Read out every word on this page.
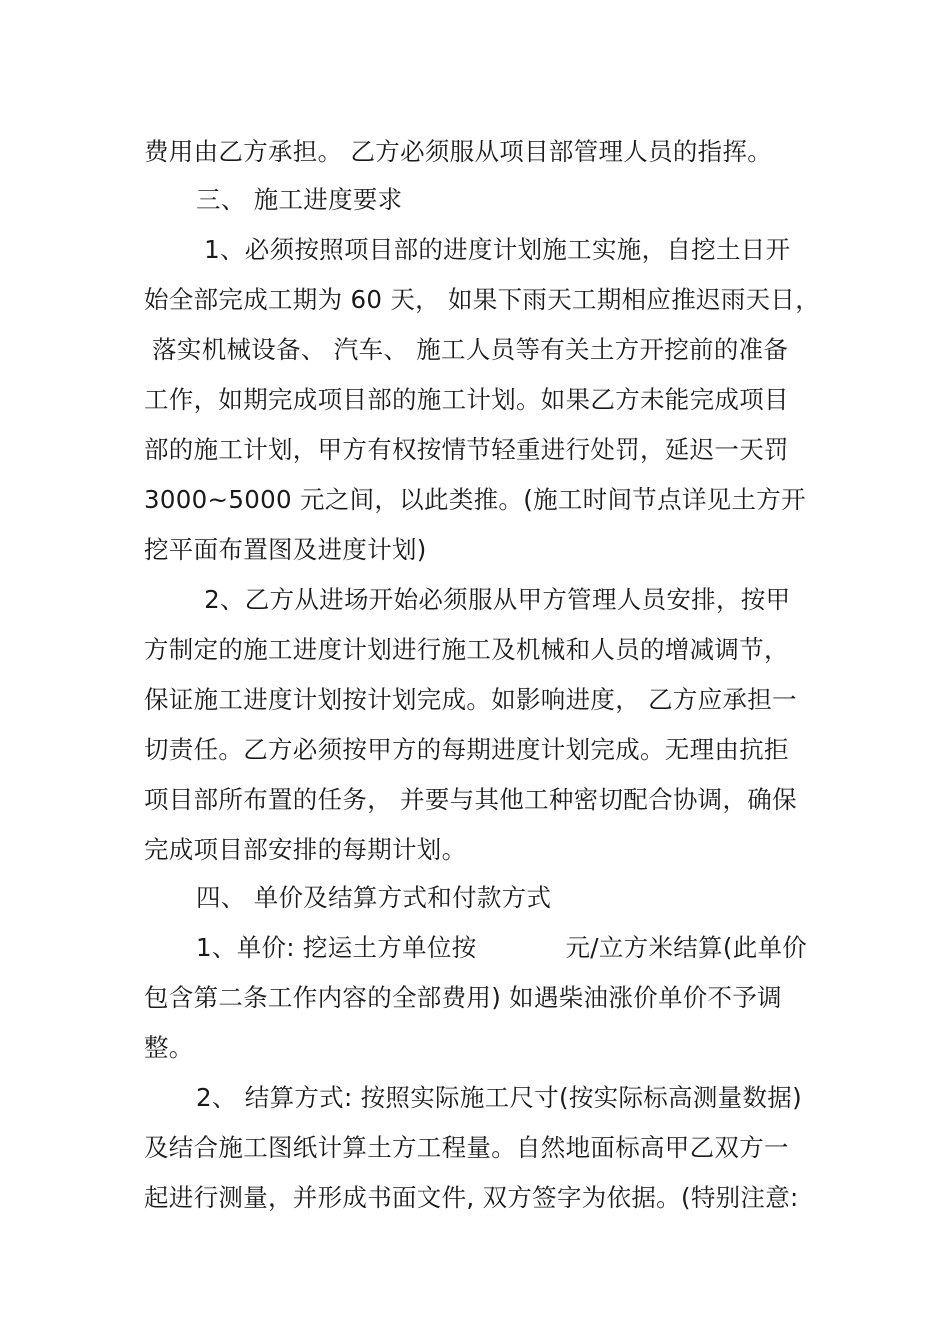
费用由乙方承担。 乙方必须服从项目部管理人员的指挥。
三、 施工进度要求
1、必须按照项目部的进度计划施工实施，自挖土日开
始全部完成工期为 60 天， 如果下雨天工期相应推迟雨天日，
落实机械设备、 汽车、 施工人员等有关土方开挖前的准备
工作，如期完成项目部的施工计划。如果乙方未能完成项目
部的施工计划，甲方有权按情节轻重进行处罚，延迟一天罚
3000~5000 元之间，以此类推。(施工时间节点详见土方开
挖平面布置图及进度计划)
2、乙方从进场开始必须服从甲方管理人员安排，按甲
方制定的施工进度计划进行施工及机械和人员的增减调节，
保证施工进度计划按计划完成。如影响进度， 乙方应承担一
切责任。乙方必须按甲方的每期进度计划完成。无理由抗拒
项目部所布置的任务， 并要与其他工种密切配合协调，确保
完成项目部安排的每期计划。
四、 单价及结算方式和付款方式
1、单价: 挖运土方单位按           元/立方米结算(此单价
包含第二条工作内容的全部费用) 如遇柴油涨价单价不予调
整。
2、 结算方式: 按照实际施工尺寸(按实际标高测量数据)
及结合施工图纸计算土方工程量。自然地面标高甲乙双方一
起进行测量，并形成书面文件, 双方签字为依据。(特别注意:
